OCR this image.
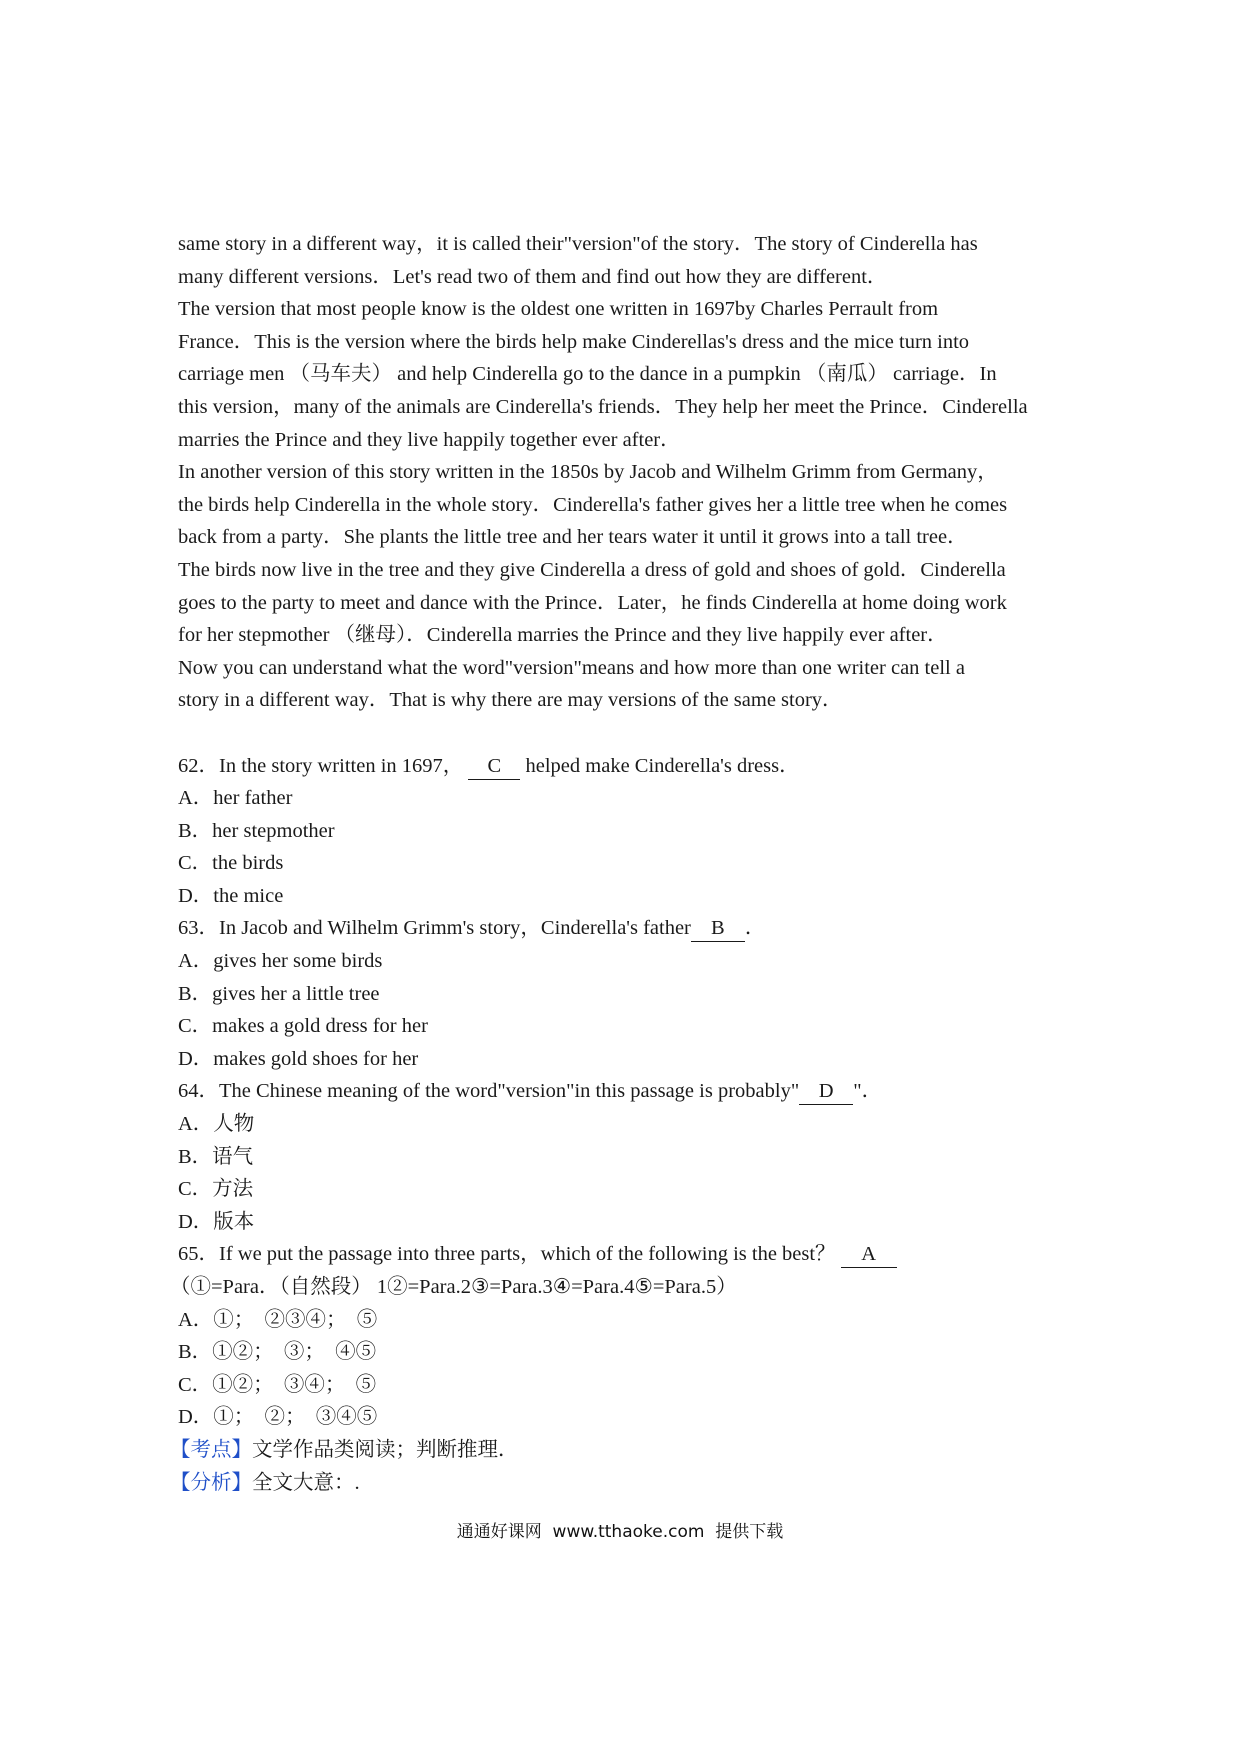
same story in a different way，it is called their"version"of the story．The story of Cinderella has
many different versions．Let's read two of them and find out how they are different．
The version that most people know is the oldest one written in 1697by Charles Perrault from
France．This is the version where the birds help make Cinderellas's dress and the mice turn into
carriage men （马车夫） and help Cinderella go to the dance in a pumpkin （南瓜） carriage．In
this version，many of the animals are Cinderella's friends．They help her meet the Prince．Cinderella
marries the Prince and they live happily together ever after．
In another version of this story written in the 1850s by Jacob and Wilhelm Grimm from Germany，
the birds help Cinderella in the whole story．Cinderella's father gives her a little tree when he comes
back from a party．She plants the little tree and her tears water it until it grows into a tall tree．
The birds now live in the tree and they give Cinderella a dress of gold and shoes of gold．Cinderella
goes to the party to meet and dance with the Prince．Later，he finds Cinderella at home doing work
for her stepmother （继母）．Cinderella marries the Prince and they live happily ever after．
Now you can understand what the word"version"means and how more than one writer can tell a
story in a different way．That is why there are may versions of the same story．
62．In the story written in 1697， C helped make Cinderella's dress．
A．her father
B．her stepmother
C．the birds
D．the mice
63．In Jacob and Wilhelm Grimm's story，Cinderella's father B ．
A．gives her some birds
B．gives her a little tree
C．makes a gold dress for her
D．makes gold shoes for her
64．The Chinese meaning of the word"version"in this passage is probably" D "．
A．人物
B．语气
C．方法
D．版本
65．If we put the passage into three parts，which of the following is the best？ A
（①=Para．（自然段） 1②=Para.2③=Para.3④=Para.4⑤=Para.5）
A．①；  ②③④；  ⑤
B．①②；  ③；  ④⑤
C．①②；  ③④；  ⑤
D．①；  ②；  ③④⑤
【考点】文学作品类阅读；判断推理．
【分析】全文大意：.
通通好课网  www.tthaoke.com  提供下载
